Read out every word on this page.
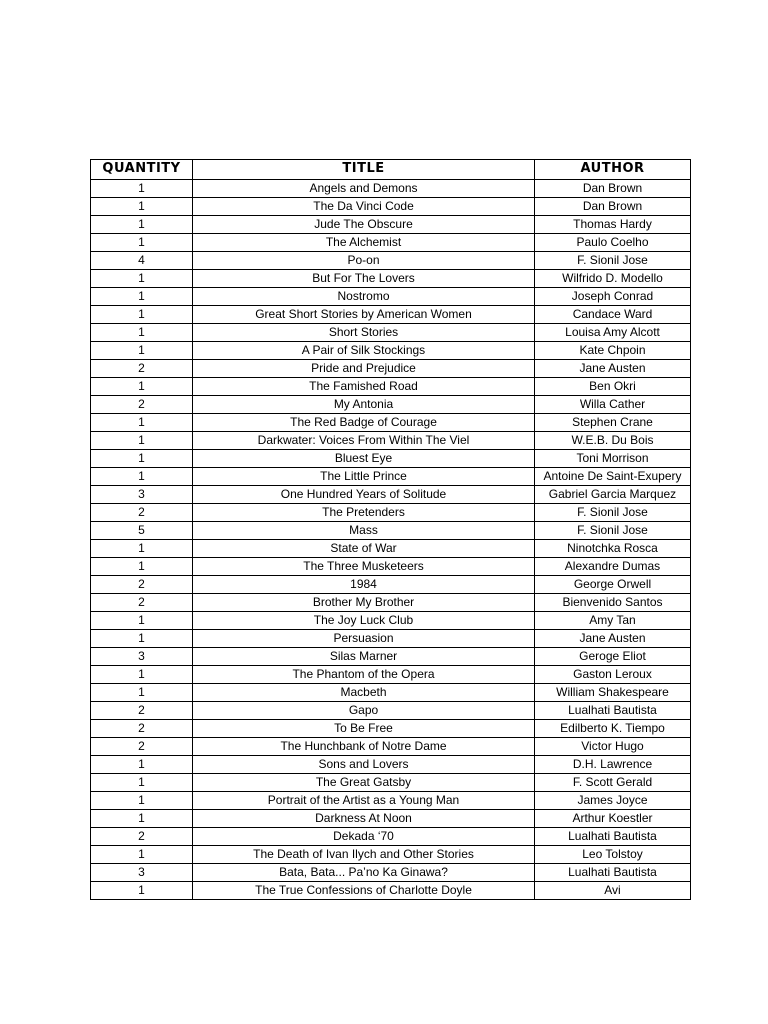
QUANTITY	TITLE	AUTHOR
1	Angels and Demons	Dan Brown
1	The Da Vinci Code	Dan Brown
1	Jude The Obscure	Thomas Hardy
1	The Alchemist	Paulo Coelho
4	Po-on	F. Sionil Jose
1	But For The Lovers	Wilfrido D. Modello
1	Nostromo	Joseph Conrad
1	Great Short Stories by American Women	Candace Ward
1	Short Stories	Louisa Amy Alcott
1	A Pair of Silk Stockings	Kate Chpoin
2	Pride and Prejudice	Jane Austen
1	The Famished Road	Ben Okri
2	My Antonia	Willa Cather
1	The Red Badge of Courage	Stephen Crane
1	Darkwater: Voices From Within The Viel	W.E.B. Du Bois
1	Bluest Eye	Toni Morrison
1	The Little Prince	Antoine De Saint-Exupery
3	One Hundred Years of Solitude	Gabriel Garcia Marquez
2	The Pretenders	F. Sionil Jose
5	Mass	F. Sionil Jose
1	State of War	Ninotchka Rosca
1	The Three Musketeers	Alexandre Dumas
2	1984	George Orwell
2	Brother My Brother	Bienvenido Santos
1	The Joy Luck Club	Amy Tan
1	Persuasion	Jane Austen
3	Silas Marner	Geroge Eliot
1	The Phantom of the Opera	Gaston Leroux
1	Macbeth	William Shakespeare
2	Gapo	Lualhati Bautista
2	To Be Free	Edilberto K. Tiempo
2	The Hunchbank of Notre Dame	Victor Hugo
1	Sons and Lovers	D.H. Lawrence
1	The Great Gatsby	F. Scott Gerald
1	Portrait of the Artist as a Young Man	James Joyce
1	Darkness At Noon	Arthur Koestler
2	Dekada ‘70	Lualhati Bautista
1	The Death of Ivan Ilych and Other Stories	Leo Tolstoy
3	Bata, Bata... Pa’no Ka Ginawa?	Lualhati Bautista
1	The True Confessions of Charlotte Doyle	Avi
